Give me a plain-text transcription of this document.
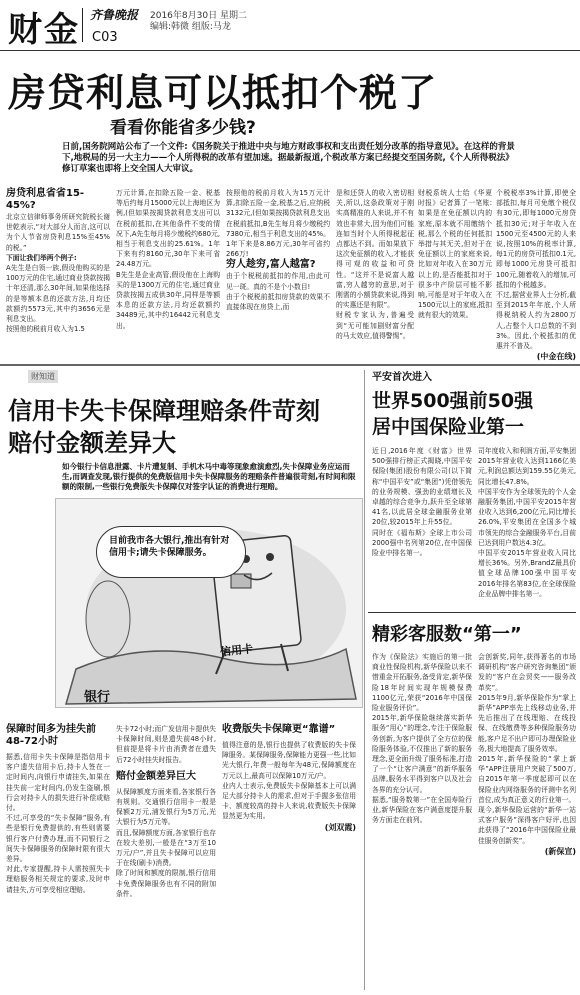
财金 齐鲁晚报 2016年8月30日 星期二
编辑:韩微 组版:马龙
C03
房贷利息可以抵扣个税了
看看你能省多少钱?
日前,国务院网站公布了一个文件:《国务院关于推进中央与地方财政事权和支出责任划分改革的指导意见》。在这样的背景下,地税局的另一大主力——个人所得税的改革有望加速。据最新报道,个税改革方案已经提交至国务院,《个人所得税法》修订草案也即将上交全国人大审议。
房贷利息省省15-45%?
北京立信律师事务所研究院税长谢世乾表示,“对大部分人而言,这可以为个人节省房贷利息15%至45%的税。”
下面让我们举两个例子:
A先生是白领一族,假设他购买的是100万元的住宅,通过商业贷款按揭十年还清,那么30年间,如果他选择的是等额本息的还款方法,月均还款额约5573元,其中约3656元是利息支出。
按照他的税前月收入为1.5
万元计算,在扣除五险一金、税基等后约每月15000元以上海地区为例,(但如果按揭贷款利息支出可以在税前抵扣,在其他条件不变的情况下,A先生每月将少缴税约680元,相当于利息支出的25.61%。1年下来有约8160元,30年下来可省24.48万元。
B先生是企业高管,假设他在上海购买的是1300万元的住宅,通过商业贷款按揭五成供30年,同样是等额本息的还款方法,月均还款额约34489元,其中约16442元利息支出。
按照他的税前月收入为15万元计算,扣除五险一金,税基之后,应纳税3132元,(但如果按揭贷款利息支出在税前抵扣,B先生每月将少缴税约7380元,相当于利息支出的45%。1年下来是8.86万元,30年可省约266万!
穷人趁穷,富人越富?
由于个税税前抵扣的作用,由此可见一斑。真的不是个小数目!
由于个税税前抵扣房贷款的效果不直接体现在房贷上,而
是和还贷人的收入密切相关,所以,这条政策对于刚实高精准的人来说,并不有效也非常大,因为他们可能连如当时个人所得税起征点都达不到。而如果放下这次免征额的收入,才能获得可观的收益和可贷性。“这并不是说富人越富,穷人越穷的意思,对于刚需的小额贷款来说,得到的实惠还是有限”。
财税专家认为,普遍受到“无可能加剧财富分配的马太效应,值得警惕”。
财税系统人士给《华夏时报》记者算了一笔账:如果是在免征额以内的家庭,原本就不用缴纳个税,那么个税的任何抵扣举措与其无关,但对于在免征额以上的家庭来说,比如对年收入在30万元以上的,是否能抵扣对于很多中产阶层可能不影响,可能是对于年收入在1500元以上的家庭,抵扣就有很大的效果。
个税税率3%计算,即使全部抵扣,每月可免缴个税仅有30元,即每1000元房贷抵扣30元;对于年收入在1500元至4500元的人来说,按照10%的税率计算,每1元的房贷可抵扣0.1元,即每1000元房贷可抵扣100元,随着收入的增加,可抵扣的个税越多。
不过,据营业界人士分析,截至到2015年年底,个人所得税纳税人约为2800万人,占整个人口总数的不到3%。因此,个税抵扣的优惠并不普及。
(中金在线)
财知道
信用卡失卡保障理赔条件苛刻
赔付金额差异大
如今银行卡信息泄露、卡片遭复制、手机木马中毒等现象愈演愈烈,失卡保障业务应运而生,而调查发现,银行提供的免费版信用卡失卡保障服务的理赔条件普遍很苛刻,有时间和限额的限制,一些银行免费版失卡保障仅对签字认证的消费进行理赔。
目前我市各大银行,推出有针对信用卡;请失卡保障服务。
信用卡
银行
保障时间多为挂失前48-72小时
据悉,信用卡失卡保障是指信用卡客户遗失信用卡后,持卡人签在一定时间内,向银行申请挂失,如果在挂失前一定时间内,仍发生盗刷,银行会对持卡人的损失进行补偿或赔付。
不过,可享受的“失卡保障”服务,有些是银行免费提供的,有些则需要银行客户付费办理,而不同银行之间失卡保障服务的保障时限有很大差异。
对此,专家提醒,持卡人需按照失卡理赔服务相关规定的要求,及时申请挂失,方可享受相应理赔。
失卡72小时;而广发信用卡提供失卡保障时间,则是遗失前48小时,但前提是将卡片由消费者在遗失后72小时挂失时报告。
赔付金额差异巨大
从保障额度方面来看,各家银行各有规则。交通银行信用卡一般是保额2万元,浦发银行为5万元,光大银行为5万元等。
而且,保障额度方面,各家银行也存在较大差别,一般是在“3万至10万元/户”,并且失卡保障可以应用于在线(刷卡)消费。
除了时间和额度的限制,银行信用卡免费保障服务也有不同的附加条件。
收费版失卡保障更“靠谱”
值得注意的是,银行也提供了收费版的失卡保障服务。某保障服务,保障能力更强一些,比如光大银行,年费一般每年为48元,保障额度在万元以上,最高可以保障10万元/户。
业内人士表示,免费版失卡保障基本上可以满足大部分持卡人的需求,但对于手握多张信用卡、额度较高的持卡人来说,收费版失卡保障显然更为实用。
(刘双霞)
平安首次进入
世界500强前50强
居中国保险业第一
近日,2016年度《财富》世界500强排行榜正式揭晓,中国平安保险(集团)股份有限公司(以下简称“中国平安”或“集团”)凭借领先的业务规模、强劲的业绩增长及卓越的综合竞争力,跃升至全球第41名,以此居全球金融服务业第20位,较2015年上升55位。
同时在《福布斯》全球上市公司2000强中名列第20位,在中国保险业中排名第一。
司年度收入和利润方面,平安集团2015年营业收入达到1166亿美元,利润总额达到159.55亿美元,同比增长47.8%。
中国平安作为全球领先的个人金融服务集团,中国平安2015年营业收入达到6,200亿元,同比增长26.0%,平安集团在全国多个城市领先的综合金融服务平台,目前已达到用户数达4.3亿。
中国平安2015年营业收入同比增长36%。另外,BrandZ最具价值全球品牌100强中国平安2016年排名第83位,在全球保险企业品牌中排名第一。
精彩客服数“第一”
作为《保险法》实施后的第一批商业性保险机构,新华保险以来不惜重金开拓服务,备受肯定,新华保险18年时间实现年规模保费1100亿元,荣获“2016年中国保险业服务评价”。
2015年,新华保险继续落实新华服务“用心”的理念,专注于保险服务创新,为客户提供了全方位的保险服务体验,不仅推出了新的服务理念,更全面升级了服务标准,打造了一个“让客户满意”的新华服务品牌,服务水平得到客户以及社会各界的充分认可。
据悉,“服务数第一”在全国寿险行业,新华保险在客户满意度提升服务方面走在前列。
会创新奖,同年,获得著名的市场调研机构“客户研究咨询集团”颁发的“客户在会贸奖——服务改革奖”。
2015年9月,新华保险作为“掌上新华”APP率先上线移动业务,并先后推出了在线理赔、在线投保、在线缴费等多种保险服务功能,客户足不出户即可办理保险业务,极大地提高了服务效率。
2015年,新华保险的“掌上新华”APP注册用户突破了500万,自2015年第一季度起即可以在保险业内网络服务的评测中名列首位,成为真正意义的行业第一。
现今,新华保险运营的“新华一站式客户服务”深得客户好评,也因此获得了“2016年中国保险业最佳服务创新奖”。
(新保宣)
